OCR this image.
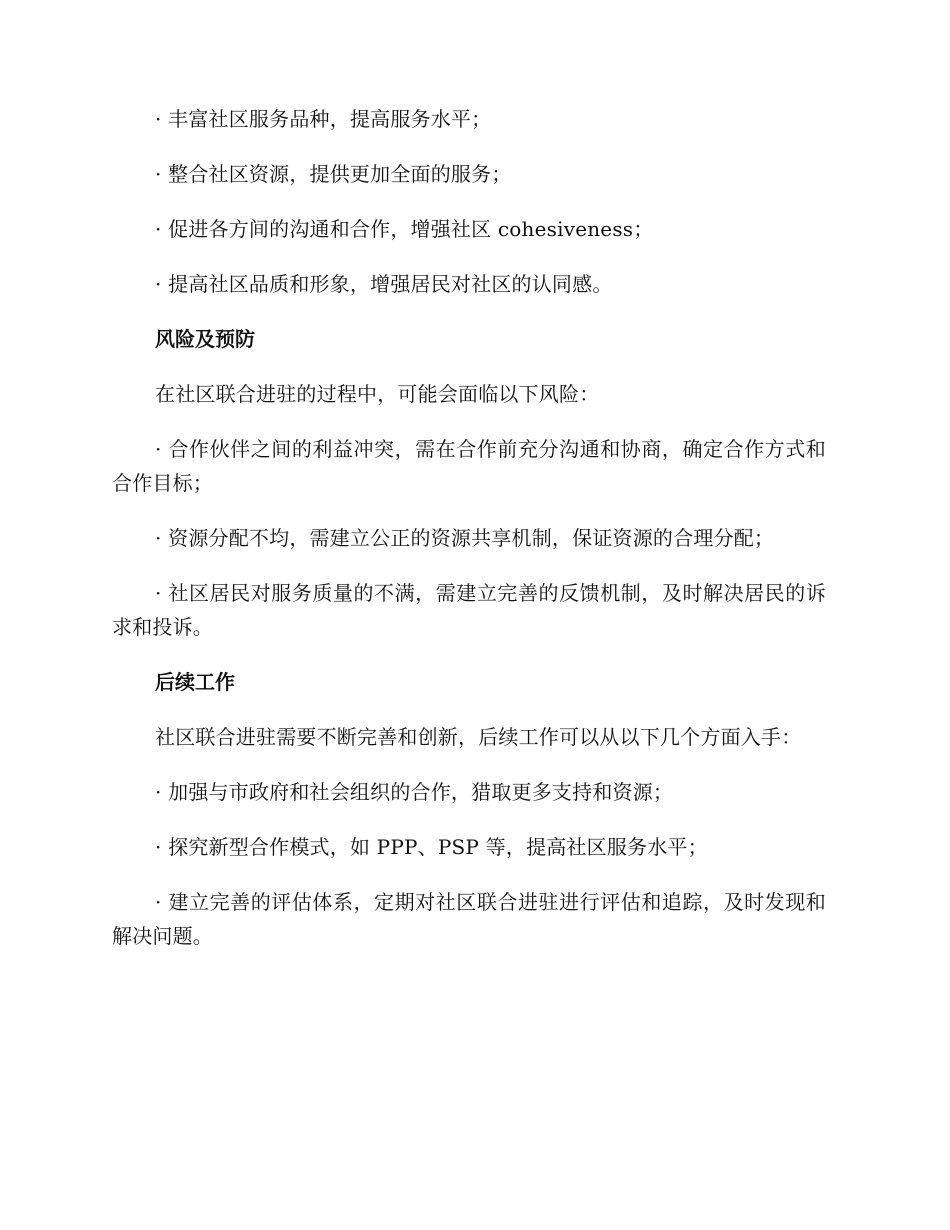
· 丰富社区服务品种，提高服务水平；

· 整合社区资源，提供更加全面的服务；

· 促进各方间的沟通和合作，增强社区 cohesiveness；

· 提高社区品质和形象，增强居民对社区的认同感。

风险及预防

在社区联合进驻的过程中，可能会面临以下风险：

· 合作伙伴之间的利益冲突，需在合作前充分沟通和协商，确定合作方式和合作目标；

· 资源分配不均，需建立公正的资源共享机制，保证资源的合理分配；

· 社区居民对服务质量的不满，需建立完善的反馈机制，及时解决居民的诉求和投诉。

后续工作

社区联合进驻需要不断完善和创新，后续工作可以从以下几个方面入手：

· 加强与市政府和社会组织的合作，猎取更多支持和资源；

· 探究新型合作模式，如 PPP、PSP 等，提高社区服务水平；

· 建立完善的评估体系，定期对社区联合进驻进行评估和追踪，及时发现和解决问题。
